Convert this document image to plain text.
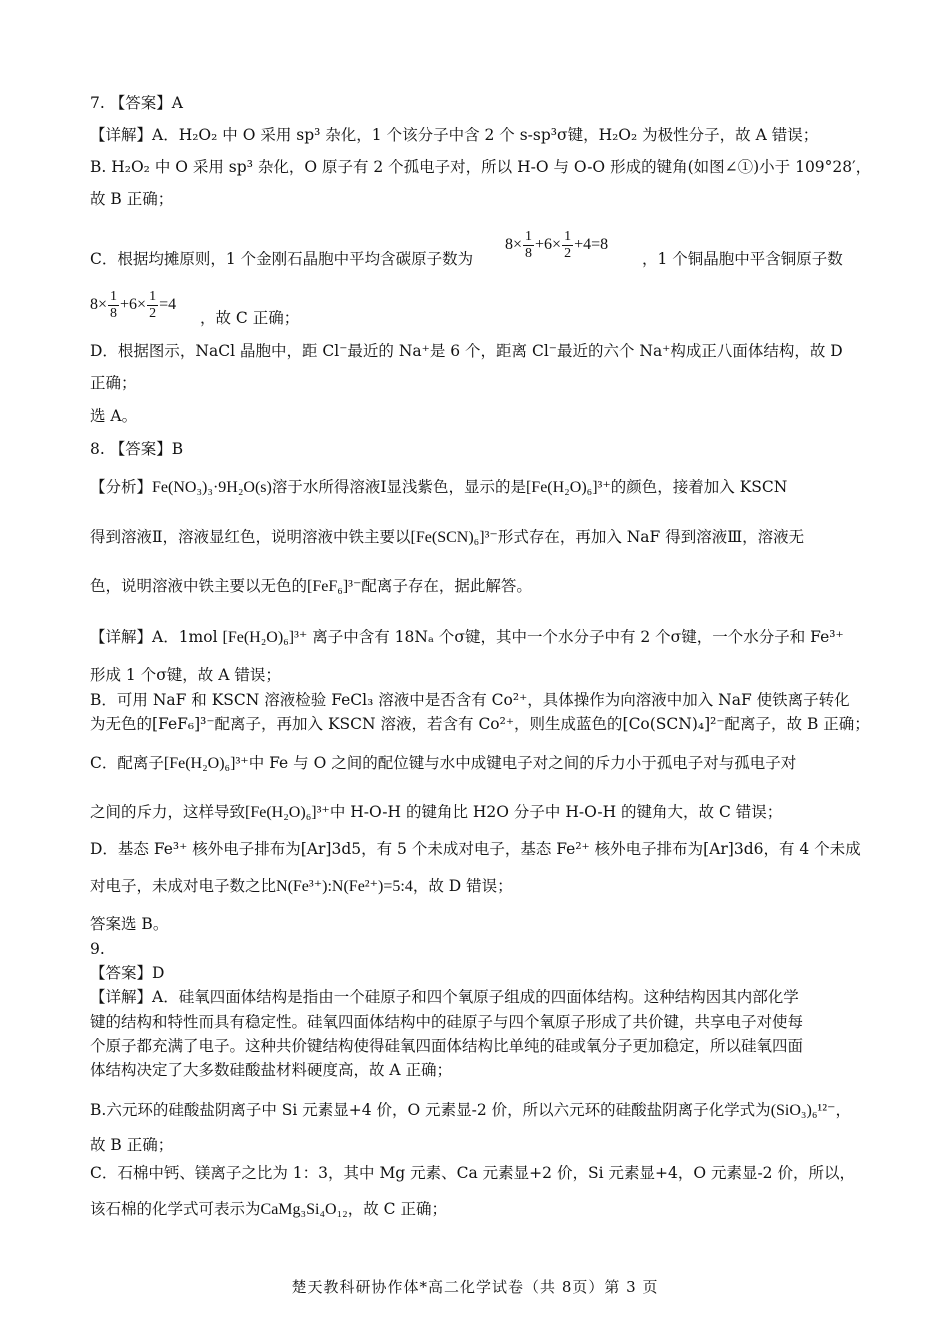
7. 【答案】A
【详解】A．H₂O₂ 中 O 采用 sp³ 杂化，1 个该分子中含 2 个 s-sp³σ键，H₂O₂ 为极性分子，故 A 错误；
B. H₂O₂ 中 O 采用 sp³ 杂化，O 原子有 2 个孤电子对，所以 H-O 与 O-O 形成的键角(如图∠①)小于 109°28′，
故 B 正确；
C．根据均摊原则，1 个金刚石晶胞中平均含碳原子数为	，1 个铜晶胞中平含铜原子数
$8\times \frac{1}{8} +6\times \frac{1}{2} +4=8$
$8\times \frac{1}{8} +6\times \frac{1}{2} =4$
，故 C 正确；
D．根据图示，NaCl 晶胞中，距 Cl⁻最近的 Na⁺是 6 个，距离 Cl⁻最近的六个 Na⁺构成正八面体结构，故 D
正确；
选 A。
8. 【答案】B
【分析】Fe(NO₃)₃·9H₂O(s)溶于水所得溶液Ⅰ显浅紫色，显示的是[Fe(H₂O)₆]³⁺的颜色，接着加入 KSCN
得到溶液Ⅱ，溶液显红色，说明溶液中铁主要以[Fe(SCN)₆]³⁻形式存在，再加入 NaF 得到溶液Ⅲ，溶液无
色，说明溶液中铁主要以无色的[FeF₆]³⁻配离子存在，据此解答。
【详解】A．1mol [Fe(H₂O)₆]³⁺ 离子中含有 18Nₐ 个σ键，其中一个水分子中有 2 个σ键，一个水分子和 Fe³⁺
形成 1 个σ键，故 A 错误；
B．可用 NaF 和 KSCN 溶液检验 FeCl₃ 溶液中是否含有 Co²⁺，具体操作为向溶液中加入 NaF 使铁离子转化
为无色的[FeF₆]³⁻配离子，再加入 KSCN 溶液，若含有 Co²⁺，则生成蓝色的[Co(SCN)₄]²⁻配离子，故 B 正确；
C．配离子[Fe(H₂O)₆]³⁺中 Fe 与 O 之间的配位键与水中成键电子对之间的斥力小于孤电子对与孤电子对
之间的斥力，这样导致[Fe(H₂O)₆]³⁺中 H-O-H 的键角比 H2O 分子中 H-O-H 的键角大，故 C 错误；
D．基态 Fe³⁺ 核外电子排布为[Ar]3d5，有 5 个未成对电子，基态 Fe²⁺ 核外电子排布为[Ar]3d6，有 4 个未成
对电子，未成对电子数之比N(Fe³⁺):N(Fe²⁺)=5:4，故 D 错误；
答案选 B。
9.
【答案】D
【详解】A．硅氧四面体结构是指由一个硅原子和四个氧原子组成的四面体结构。这种结构因其内部化学
键的结构和特性而具有稳定性。硅氧四面体结构中的硅原子与四个氧原子形成了共价键，共享电子对使每
个原子都充满了电子。这种共价键结构使得硅氧四面体结构比单纯的硅或氧分子更加稳定，所以硅氧四面
体结构决定了大多数硅酸盐材料硬度高，故 A 正确；
B.六元环的硅酸盐阴离子中 Si 元素显+4 价，O 元素显-2 价，所以六元环的硅酸盐阴离子化学式为(SiO₃)₆¹²⁻，
故 B 正确；
C．石棉中钙、镁离子之比为 1：3，其中 Mg 元素、Ca 元素显+2 价，Si 元素显+4，O 元素显-2 价，所以，
该石棉的化学式可表示为CaMg₃Si₄O₁₂，故 C 正确；
楚天教科研协作体*高二化学试卷（共 8页）第 3 页
